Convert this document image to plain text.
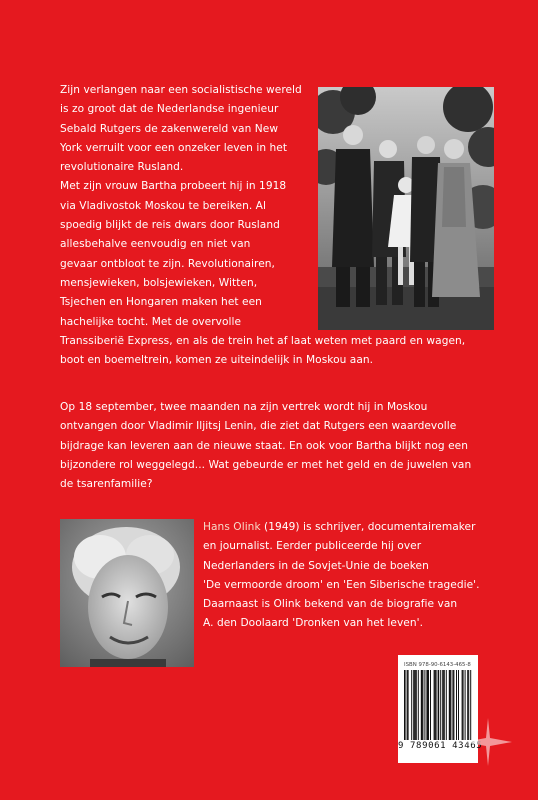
Zijn verlangen naar een socialistische wereld
is zo groot dat de Nederlandse ingenieur
Sebald Rutgers de zakenwereld van New
York verruilt voor een onzeker leven in het
revolutionaire Rusland.
Met zijn vrouw Bartha probeert hij in 1918
via Vladivostok Moskou te bereiken. Al
spoedig blijkt de reis dwars door Rusland
allesbehalve eenvoudig en niet van
gevaar ontbloot te zijn. Revolutionairen,
mensjewieken, bolsjewieken, Witten,
Tsjechen en Hongaren maken het een
hachelijke tocht. Met de overvolle
Transsiberië Express, en als de trein het af laat weten met paard en wagen,
boot en boemeltrein, komen ze uiteindelijk in Moskou aan.
Op 18 september, twee maanden na zijn vertrek wordt hij in Moskou
ontvangen door Vladimir Iljitsj Lenin, die ziet dat Rutgers een waardevolle
bijdrage kan leveren aan de nieuwe staat. En ook voor Bartha blijkt nog een
bijzondere rol weggelegd... Wat gebeurde er met het geld en de juwelen van
de tsarenfamilie?
Hans Olink (1949) is schrijver, documentairemaker
en journalist. Eerder publiceerde hij over
Nederlanders in de Sovjet-Unie de boeken
'De vermoorde droom' en 'Een Siberische tragedie'.
Daarnaast is Olink bekend van de biografie van
A. den Doolaard 'Dronken van het leven'.
ISBN 978-90-6143-465-8
9 789061 43465
